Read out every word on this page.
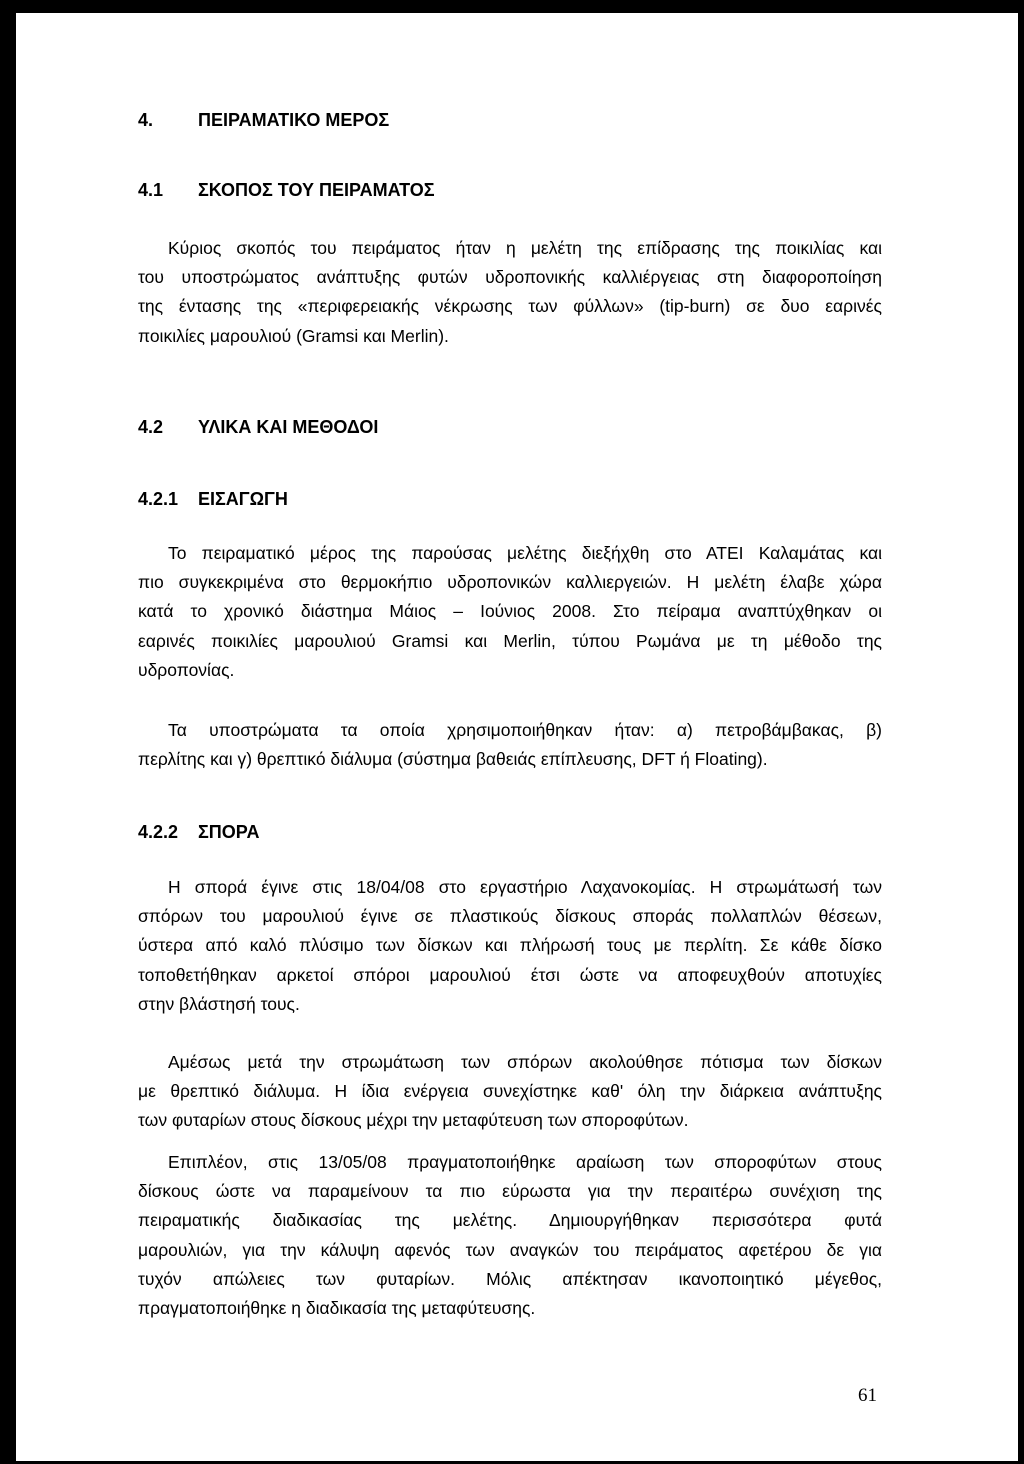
4. ΠΕΙΡΑΜΑΤΙΚΟ ΜΕΡΟΣ
4.1 ΣΚΟΠΟΣ ΤΟΥ ΠΕΙΡΑΜΑΤΟΣ
Κύριος σκοπός του πειράματος ήταν η μελέτη της επίδρασης της ποικιλίας και
του υποστρώματος ανάπτυξης φυτών υδροπονικής καλλιέργειας στη διαφοροποίηση
της έντασης της «περιφερειακής νέκρωσης των φύλλων» (tip-burn) σε δυο εαρινές
ποικιλίες μαρουλιού (Gramsi και Merlin).
4.2 ΥΛΙΚΑ ΚΑΙ ΜΕΘΟΔΟΙ
4.2.1 ΕΙΣΑΓΩΓΗ
Το πειραματικό μέρος της παρούσας μελέτης διεξήχθη στο ΑΤΕΙ Καλαμάτας και
πιο συγκεκριμένα στο θερμοκήπιο υδροπονικών καλλιεργειών. Η μελέτη έλαβε χώρα
κατά το χρονικό διάστημα Μάιος – Ιούνιος 2008. Στο πείραμα αναπτύχθηκαν οι
εαρινές ποικιλίες μαρουλιού Gramsi και Merlin, τύπου Ρωμάνα με τη μέθοδο της
υδροπονίας.
Τα υποστρώματα τα οποία χρησιμοποιήθηκαν ήταν: α) πετροβάμβακας, β)
περλίτης και γ) θρεπτικό διάλυμα (σύστημα βαθειάς επίπλευσης, DFT ή Floating).
4.2.2 ΣΠΟΡΑ
Η σπορά έγινε στις 18/04/08 στο εργαστήριο Λαχανοκομίας. Η στρωμάτωσή των
σπόρων του μαρουλιού έγινε σε πλαστικούς δίσκους σποράς πολλαπλών θέσεων,
ύστερα από καλό πλύσιμο των δίσκων και πλήρωσή τους με περλίτη. Σε κάθε δίσκο
τοποθετήθηκαν αρκετοί σπόροι μαρουλιού έτσι ώστε να αποφευχθούν αποτυχίες
στην βλάστησή τους.
Αμέσως μετά την στρωμάτωση των σπόρων ακολούθησε πότισμα των δίσκων
με θρεπτικό διάλυμα. Η ίδια ενέργεια συνεχίστηκε καθ' όλη την διάρκεια ανάπτυξης
των φυταρίων στους δίσκους μέχρι την μεταφύτευση των σποροφύτων.
Επιπλέον, στις 13/05/08 πραγματοποιήθηκε αραίωση των σποροφύτων στους
δίσκους ώστε να παραμείνουν τα πιο εύρωστα για την περαιτέρω συνέχιση της
πειραματικής διαδικασίας της μελέτης. Δημιουργήθηκαν περισσότερα φυτά
μαρουλιών, για την κάλυψη αφενός των αναγκών του πειράματος αφετέρου δε για
τυχόν απώλειες των φυταρίων. Μόλις απέκτησαν ικανοποιητικό μέγεθος,
πραγματοποιήθηκε η διαδικασία της μεταφύτευσης.
61
